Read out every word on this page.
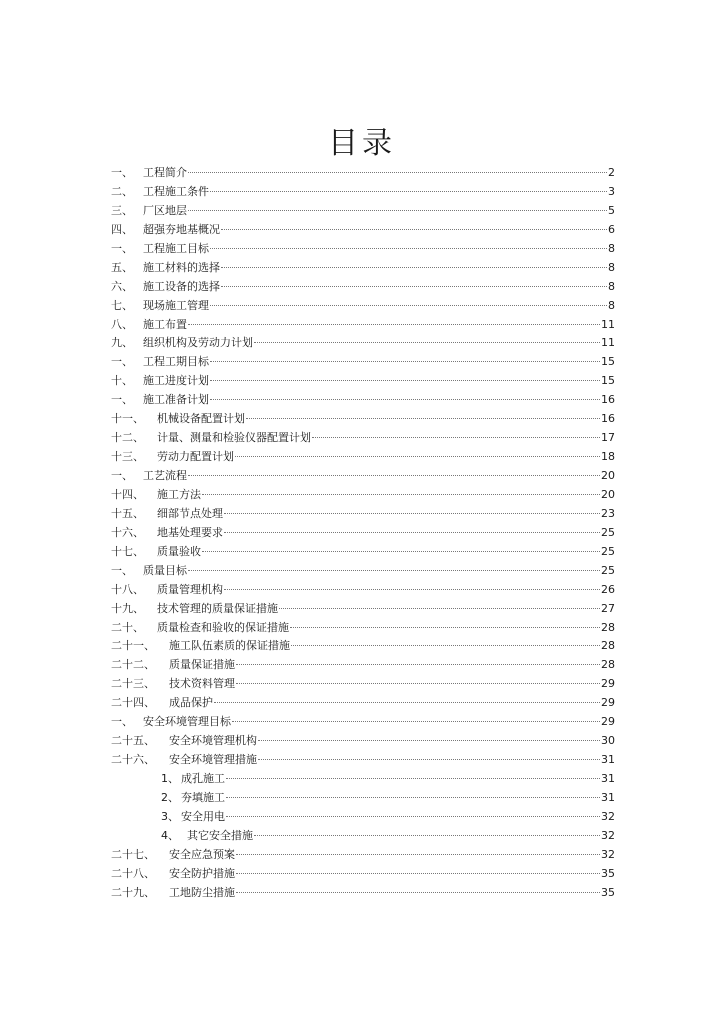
目录
一、 工程简介	2
二、 工程施工条件	3
三、 厂区地层	5
四、 超强夯地基概况	6
一、 工程施工目标	8
五、 施工材料的选择	8
六、 施工设备的选择	8
七、 现场施工管理	8
八、 施工布置	11
九、 组织机构及劳动力计划	11
一、 工程工期目标	15
十、 施工进度计划	15
一、 施工准备计划	16
十一、	机械设备配置计划	16
十二、	计量、测量和检验仪器配置计划	17
十三、	劳动力配置计划	18
一、 工艺流程	20
十四、	施工方法	20
十五、	细部节点处理	23
十六、	地基处理要求	25
十七、	质量验收	25
一、 质量目标	25
十八、	质量管理机构	26
十九、	技术管理的质量保证措施	27
二十、	质量检查和验收的保证措施	28
二十一、	施工队伍素质的保证措施	28
二十二、	质量保证措施	28
二十三、	技术资料管理	29
二十四、	成品保护	29
一、 安全环境管理目标	29
二十五、	安全环境管理机构	30
二十六、	安全环境管理措施	31
1、 成孔施工	31
2、 夯填施工	31
3、 安全用电	32
4、 其它安全措施	32
二十七、	安全应急预案	32
二十八、	安全防护措施	35
二十九、	工地防尘措施	35
